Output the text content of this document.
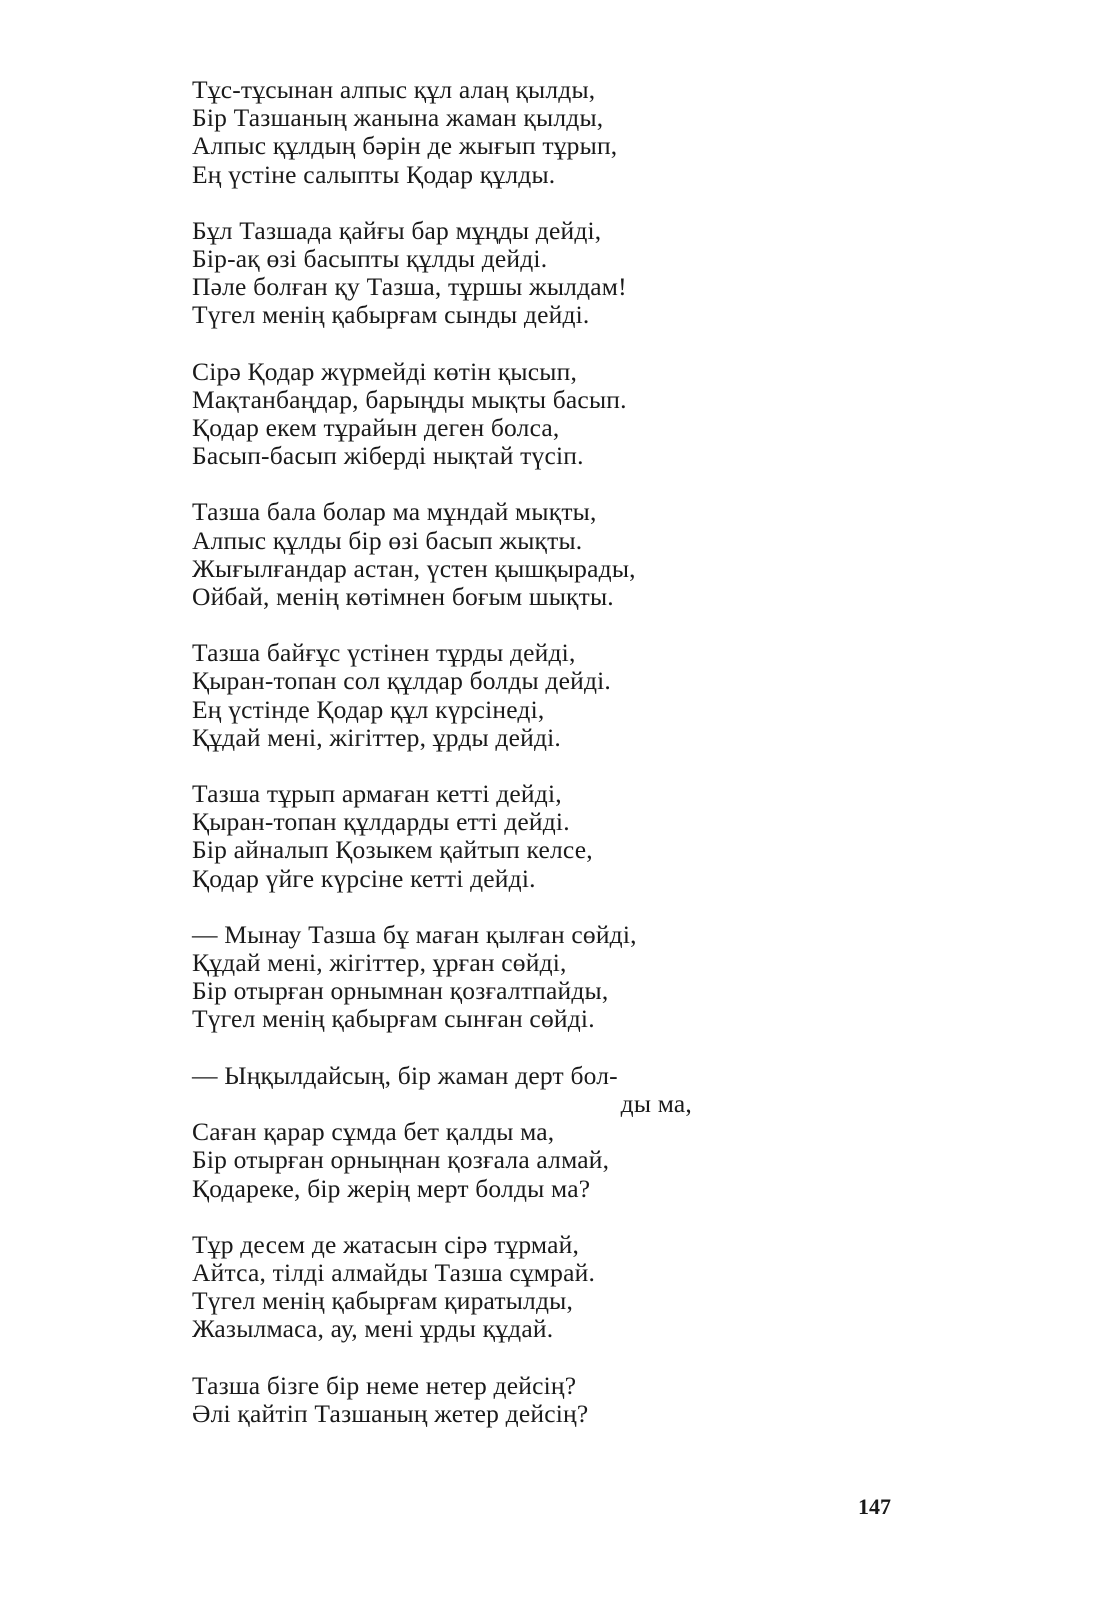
Тұс-тұсынан алпыс құл алаң қылды,
Бір Тазшаның жанына жаман қылды,
Алпыс құлдың бәрін де жығып тұрып,
Ең үстіне салыпты Қодар құлды.
Бұл Тазшада қайғы бар мұңды дейді,
Бір-ақ өзі басыпты құлды дейді.
Пәле болған қу Тазша, тұршы жылдам!
Түгел менің қабырғам сынды дейді.
Сірә Қодар жүрмейді көтін қысып,
Мақтанбаңдар, барыңды мықты басып.
Қодар екем тұрайын деген болса,
Басып-басып жіберді нықтай түсіп.
Тазша бала болар ма мұндай мықты,
Алпыс құлды бір өзі басып жықты.
Жығылғандар астан, үстен қышқырады,
Ойбай, менің көтімнен боғым шықты.
Тазша байғұс үстінен тұрды дейді,
Қыран-топан сол құлдар болды дейді.
Ең үстінде Қодар құл күрсінеді,
Құдай мені, жігіттер, ұрды дейді.
Тазша тұрып армаған кетті дейді,
Қыран-топан құлдарды етті дейді.
Бір айналып Қозыкем қайтып келсе,
Қодар үйге күрсіне кетті дейді.
— Мынау Тазша бұ маған қылған сөйді,
Құдай мені, жігіттер, ұрған сөйді,
Бір отырған орнымнан қозғалтпайды,
Түгел менің қабырғам сынған сөйді.
— Ыңқылдайсың, бір жаман дерт бол-
ды ма,
Саған қарар сұмда бет қалды ма,
Бір отырған орныңнан қозғала алмай,
Қодареке, бір жерің мерт болды ма?
Тұр десем де жатасын сірә тұрмай,
Айтса, тілді алмайды Тазша сұмрай.
Түгел менің қабырғам қиратылды,
Жазылмаса, ау, мені ұрды құдай.
Тазша бізге бір неме нетер дейсің?
Әлі қайтіп Тазшаның жетер дейсің?
147
